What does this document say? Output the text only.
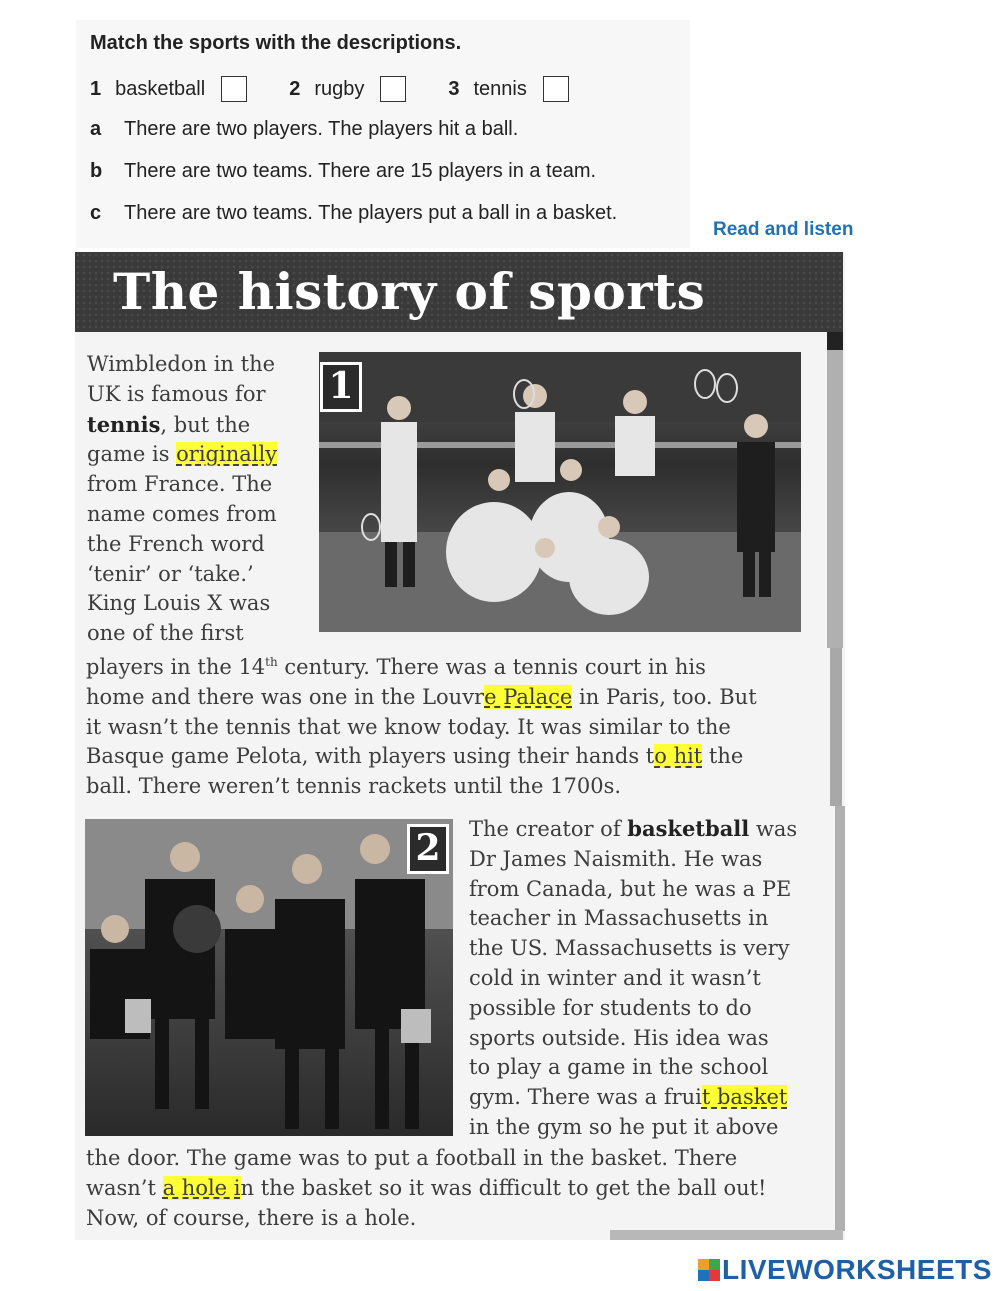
Match the sports with the descriptions.
1 basketball	2 rugby	3 tennis
a	There are two players. The players hit a ball.
b	There are two teams. There are 15 players in a team.
c	There are two teams. The players put a ball in a basket.
Read and listen
The history of sports
1

Wimbledon in the

UK is famous for

tennis, but the

game is originally

from France. The

name comes from

the French word

‘tenir’ or ‘take.’

King Louis X was

one of the first

players in the 14th century. There was a tennis court in his

home and there was one in the Louvre Palace in Paris, too. But

it wasn’t the tennis that we know today. It was similar to the

Basque game Pelota, with players using their hands to hit the

ball. There weren’t tennis rackets until the 1700s.

2	The creator of basketball was

Dr James Naismith. He was

from Canada, but he was a PE

teacher in Massachusetts in

the US. Massachusetts is very

cold in winter and it wasn’t

possible for students to do

sports outside. His idea was

to play a game in the school

gym. There was a fruit basket

in the gym so he put it above

the door. The game was to put a football in the basket. There

wasn’t a hole in the basket so it was difficult to get the ball out!

Now, of course, there is a hole.

LIVEWORKSHEETS
